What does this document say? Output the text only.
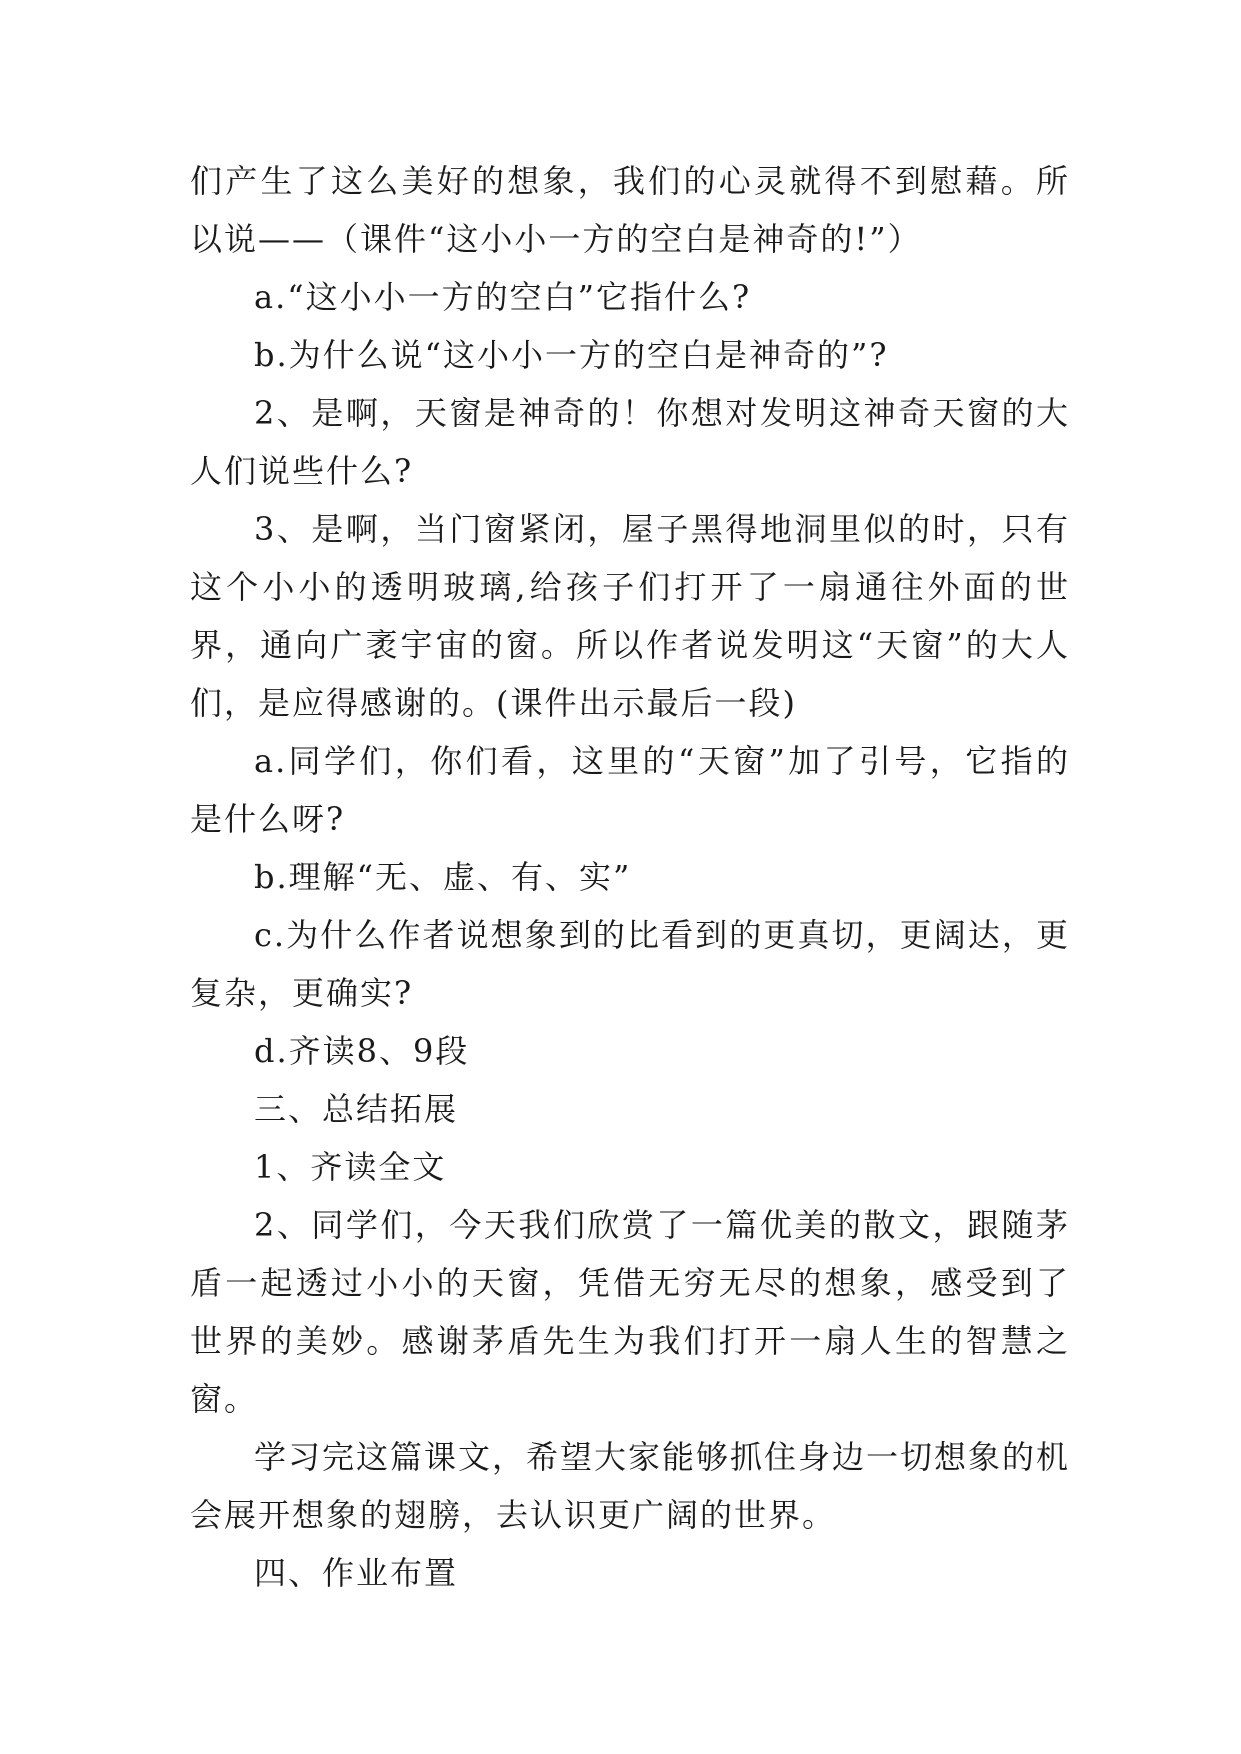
们产生了这么美好的想象，我们的心灵就得不到慰藉。所以说——（课件“这小小一方的空白是神奇的!”）

a.“这小小一方的空白”它指什么?

b.为什么说“这小小一方的空白是神奇的”?

2、是啊，天窗是神奇的！你想对发明这神奇天窗的大人们说些什么?

3、是啊，当门窗紧闭，屋子黑得地洞里似的时，只有这个小小的透明玻璃,给孩子们打开了一扇通往外面的世界，通向广袤宇宙的窗。所以作者说发明这“天窗”的大人们，是应得感谢的。(课件出示最后一段)

a.同学们，你们看，这里的“天窗”加了引号，它指的是什么呀?

b.理解“无、虚、有、实”

c.为什么作者说想象到的比看到的更真切，更阔达，更复杂，更确实?

d.齐读8、9段

三、总结拓展

1、齐读全文

2、同学们，今天我们欣赏了一篇优美的散文，跟随茅盾一起透过小小的天窗，凭借无穷无尽的想象，感受到了世界的美妙。感谢茅盾先生为我们打开一扇人生的智慧之窗。

学习完这篇课文，希望大家能够抓住身边一切想象的机会展开想象的翅膀，去认识更广阔的世界。

四、作业布置
